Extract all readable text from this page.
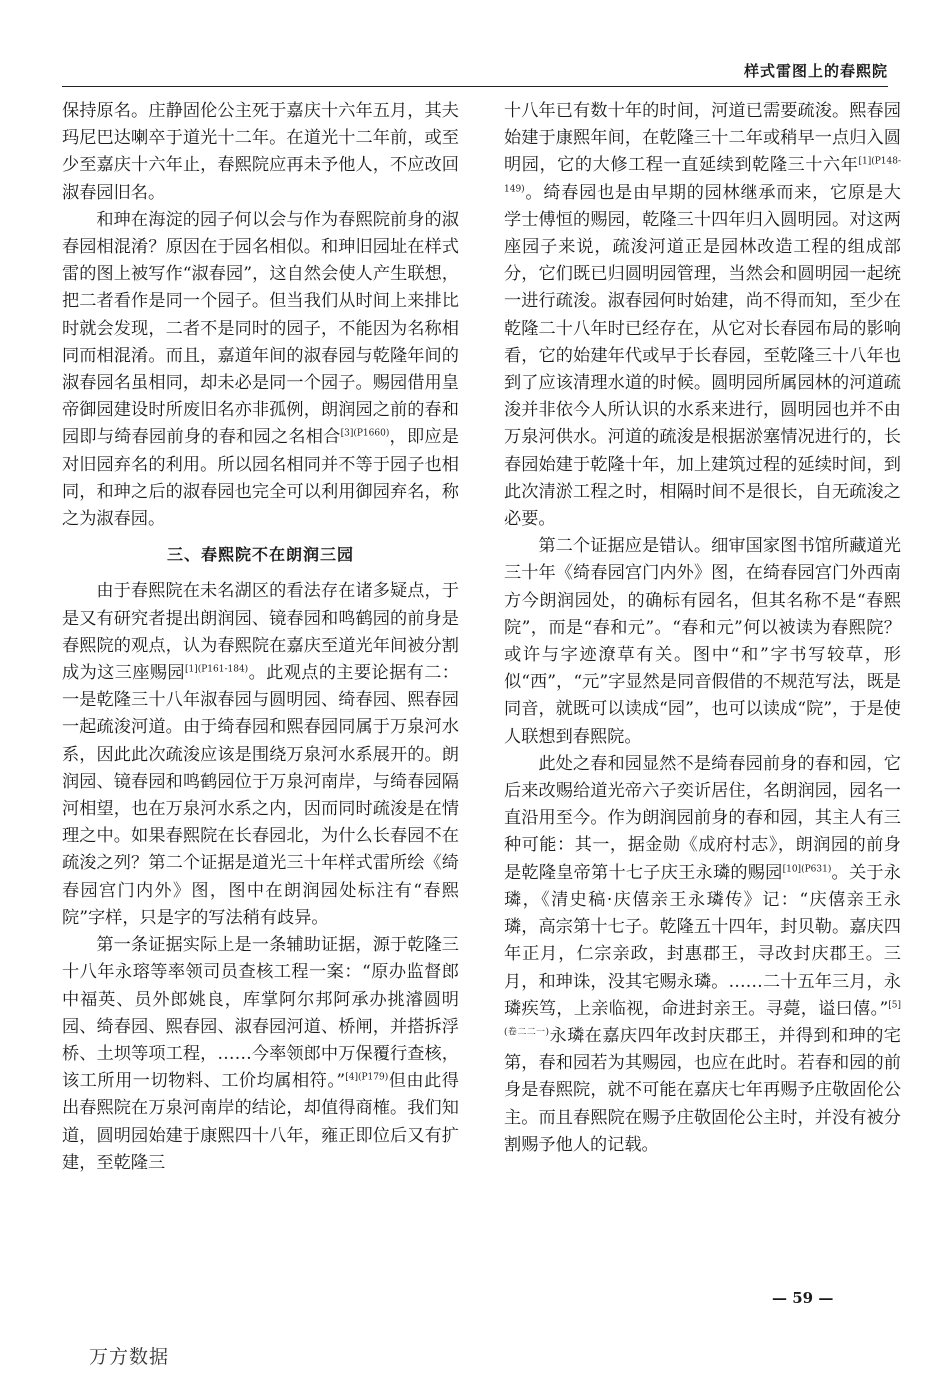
样式雷图上的春熙院

保持原名。庄静固伦公主死于嘉庆十六年五月，其夫玛尼巴达喇卒于道光十二年。在道光十二年前，或至少至嘉庆十六年止，春熙院应再未予他人，不应改回淑春园旧名。

和珅在海淀的园子何以会与作为春熙院前身的淑春园相混淆？原因在于园名相似。和珅旧园址在样式雷的图上被写作“淑春园”，这自然会使人产生联想，把二者看作是同一个园子。但当我们从时间上来排比时就会发现，二者不是同时的园子，不能因为名称相同而相混淆。而且，嘉道年间的淑春园与乾隆年间的淑春园名虽相同，却未必是同一个园子。赐园借用皇帝御园建设时所废旧名亦非孤例，朗润园之前的春和园即与绮春园前身的春和园之名相合$^{[3](P1660)}$，即应是对旧园弃名的利用。所以园名相同并不等于园子也相同，和珅之后的淑春园也完全可以利用御园弃名，称之为淑春园。

三、春熙院不在朗润三园

由于春熙院在未名湖区的看法存在诸多疑点，于是又有研究者提出朗润园、镜春园和鸣鹤园的前身是春熙院的观点，认为春熙院在嘉庆至道光年间被分割成为这三座赐园$^{[1](P161-184)}$。此观点的主要论据有二：一是乾隆三十八年淑春园与圆明园、绮春园、熙春园一起疏浚河道。由于绮春园和熙春园同属于万泉河水系，因此此次疏浚应该是围绕万泉河水系展开的。朗润园、镜春园和鸣鹤园位于万泉河南岸，与绮春园隔河相望，也在万泉河水系之内，因而同时疏浚是在情理之中。如果春熙院在长春园北，为什么长春园不在疏浚之列？第二个证据是道光三十年样式雷所绘《绮春园宫门内外》图，图中在朗润园处标注有“春熙院”字样，只是字的写法稍有歧异。

第一条证据实际上是一条辅助证据，源于乾隆三十八年永瑢等率领司员查核工程一案：“原办监督郎中福英、员外郎姚良，库掌阿尔邦阿承办挑濬圆明园、绮春园、熙春园、淑春园河道、桥闸，并搭拆浮桥、土坝等项工程，……今率领郎中万保覆行查核，该工所用一切物料、工价均属相符。”$^{[4](P179)}$但由此得出春熙院在万泉河南岸的结论，却值得商榷。我们知道，圆明园始建于康熙四十八年，雍正即位后又有扩建，至乾隆三

十八年已有数十年的时间，河道已需要疏浚。熙春园始建于康熙年间，在乾隆三十二年或稍早一点归入圆明园，它的大修工程一直延续到乾隆三十六年$^{[1](P148-149)}$。绮春园也是由早期的园林继承而来，它原是大学士傅恒的赐园，乾隆三十四年归入圆明园。对这两座园子来说，疏浚河道正是园林改造工程的组成部分，它们既已归圆明园管理，当然会和圆明园一起统一进行疏浚。淑春园何时始建，尚不得而知，至少在乾隆二十八年时已经存在，从它对长春园布局的影响看，它的始建年代或早于长春园，至乾隆三十八年也到了应该清理水道的时候。圆明园所属园林的河道疏浚并非依今人所认识的水系来进行，圆明园也并不由万泉河供水。河道的疏浚是根据淤塞情况进行的，长春园始建于乾隆十年，加上建筑过程的延续时间，到此次清淤工程之时，相隔时间不是很长，自无疏浚之必要。

第二个证据应是错认。细审国家图书馆所藏道光三十年《绮春园宫门内外》图，在绮春园宫门外西南方今朗润园处，的确标有园名，但其名称不是“春熙院”，而是“春和元”。“春和元”何以被读为春熙院？或许与字迹潦草有关。图中“和”字书写较草，形似“西”，“元”字显然是同音假借的不规范写法，既是同音，就既可以读成“园”，也可以读成“院”，于是使人联想到春熙院。

此处之春和园显然不是绮春园前身的春和园，它后来改赐给道光帝六子奕䜣居住，名朗润园，园名一直沿用至今。作为朗润园前身的春和园，其主人有三种可能：其一，据金勋《成府村志》，朗润园的前身是乾隆皇帝第十七子庆王永璘的赐园$^{[10](P631)}$。关于永璘，《清史稿·庆僖亲王永璘传》记：“庆僖亲王永璘，高宗第十七子。乾隆五十四年，封贝勒。嘉庆四年正月，仁宗亲政，封惠郡王，寻改封庆郡王。三月，和珅诛，没其宅赐永璘。……二十五年三月，永璘疾笃，上亲临视，命进封亲王。寻薨，谥曰僖。”$^{[5](卷二二一)}$永璘在嘉庆四年改封庆郡王，并得到和珅的宅第，春和园若为其赐园，也应在此时。若春和园的前身是春熙院，就不可能在嘉庆七年再赐予庄敬固伦公主。而且春熙院在赐予庄敬固伦公主时，并没有被分割赐予他人的记载。

— 59 —
万方数据
